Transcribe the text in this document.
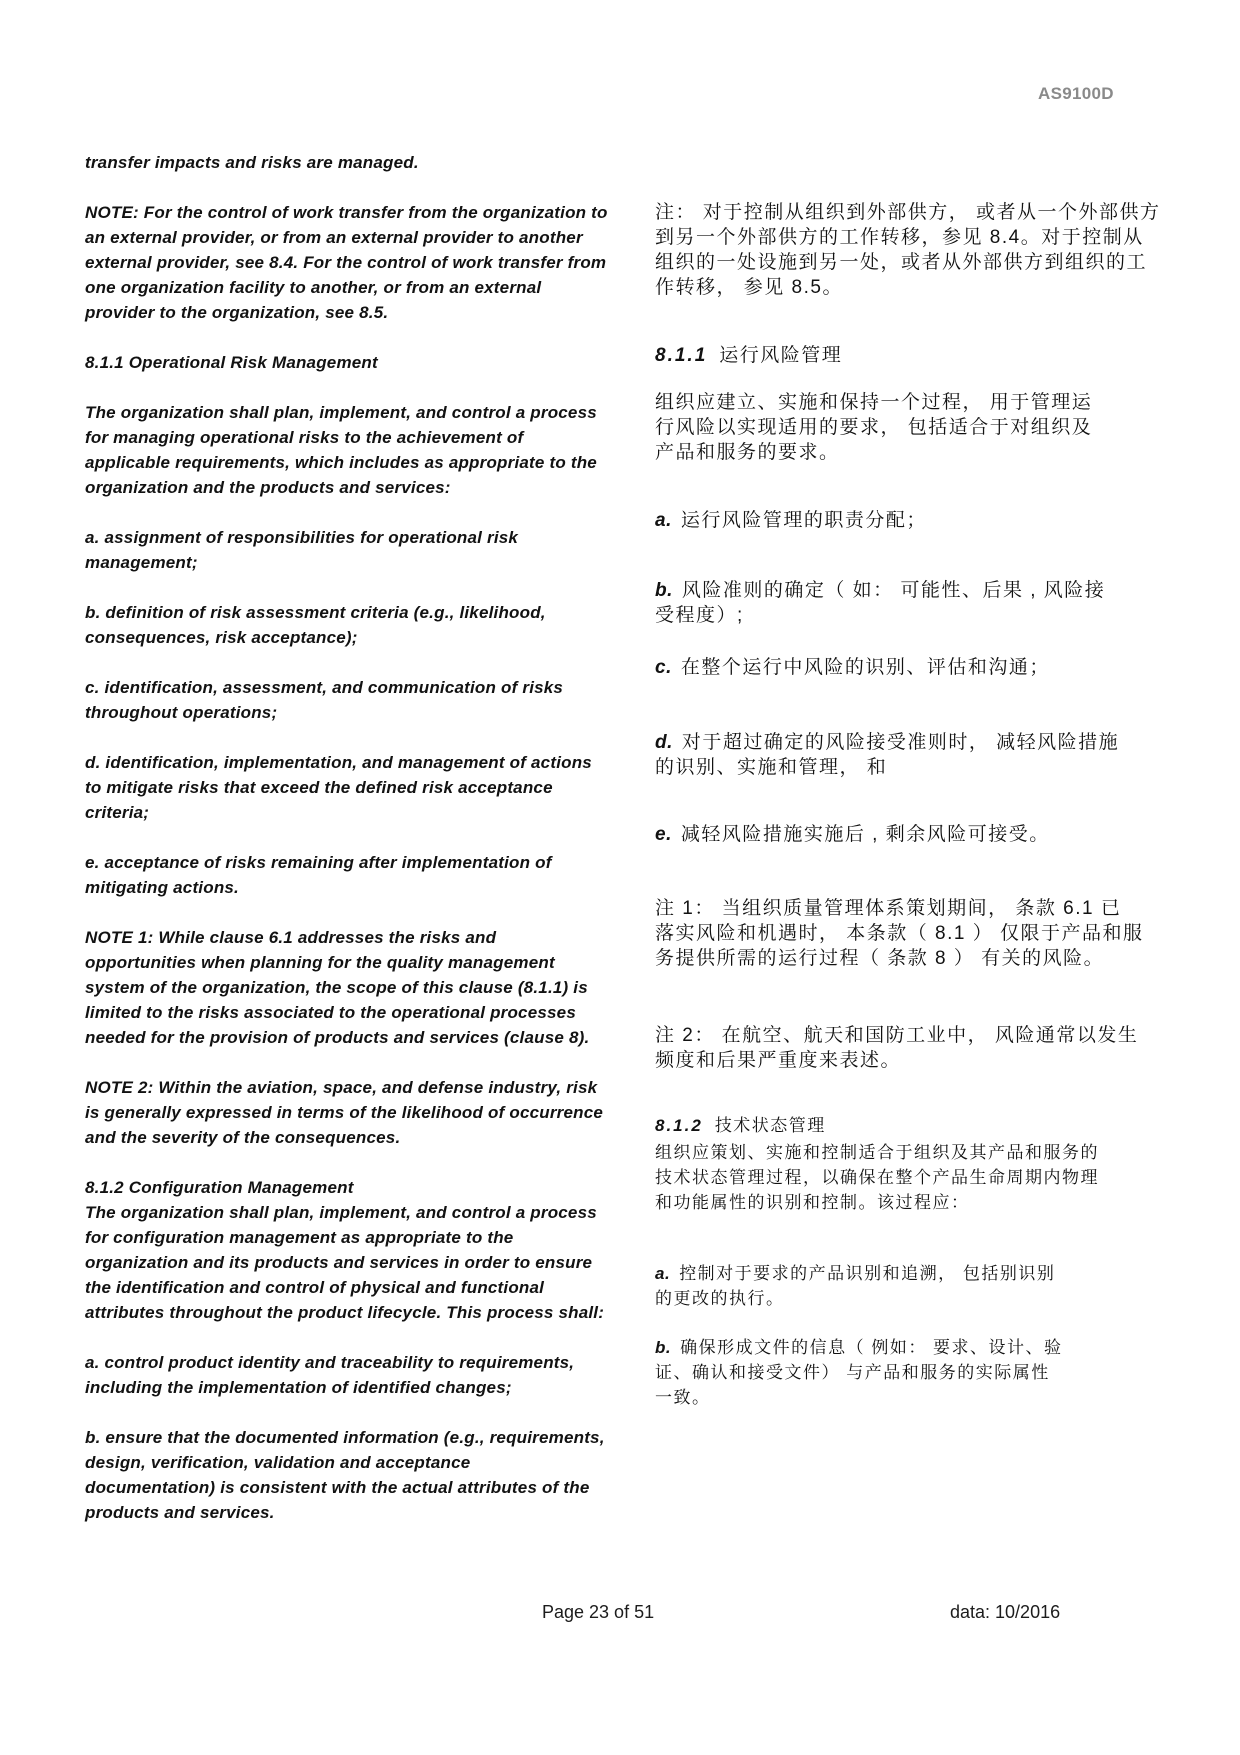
AS9100D
transfer impacts and risks are managed.
NOTE: For the control of work transfer from the organization to
an external provider, or from an external provider to another
external provider, see 8.4. For the control of work transfer from
one organization facility to another, or from an external
provider to the organization, see 8.5.
8.1.1 Operational Risk Management
The organization shall plan, implement, and control a process
for managing operational risks to the achievement of
applicable requirements, which includes as appropriate to the
organization and the products and services:
a. assignment of responsibilities for operational risk
management;
b. definition of risk assessment criteria (e.g., likelihood,
consequences, risk acceptance);
c. identification, assessment, and communication of risks
throughout operations;
d. identification, implementation, and management of actions
to mitigate risks that exceed the defined risk acceptance
criteria;
e. acceptance of risks remaining after implementation of
mitigating actions.
NOTE 1: While clause 6.1 addresses the risks and
opportunities when planning for the quality management
system of the organization, the scope of this clause (8.1.1) is
limited to the risks associated to the operational processes
needed for the provision of products and services (clause 8).
NOTE 2: Within the aviation, space, and defense industry, risk
is generally expressed in terms of the likelihood of occurrence
and the severity of the consequences.
8.1.2 Configuration Management
The organization shall plan, implement, and control a process
for configuration management as appropriate to the
organization and its products and services in order to ensure
the identification and control of physical and functional
attributes throughout the product lifecycle. This process shall:
a. control product identity and traceability to requirements,
including the implementation of identified changes;
b. ensure that the documented information (e.g., requirements,
design, verification, validation and acceptance
documentation) is consistent with the actual attributes of the
products and services.
注： 对于控制从组织到外部供方， 或者从一个外部供方
到另一个外部供方的工作转移，参见 8.4。对于控制从
组织的一处设施到另一处，或者从外部供方到组织的工
作转移， 参见 8.5。
8.1.1 运行风险管理
组织应建立、实施和保持一个过程， 用于管理运
行风险以实现适用的要求， 包括适合于对组织及
产品和服务的要求。
a. 运行风险管理的职责分配；
b. 风险准则的确定（ 如： 可能性、后果 , 风险接
受程度）;
c. 在整个运行中风险的识别、评估和沟通；
d. 对于超过确定的风险接受准则时， 减轻风险措施
的识别、实施和管理， 和
e. 减轻风险措施实施后 , 剩余风险可接受。
注 1： 当组织质量管理体系策划期间， 条款 6.1 已
落实风险和机遇时， 本条款（ 8.1 ） 仅限于产品和服
务提供所需的运行过程（ 条款 8 ） 有关的风险。
注 2： 在航空、航天和国防工业中， 风险通常以发生
频度和后果严重度来表述。
8.1.2 技术状态管理
组织应策划、实施和控制适合于组织及其产品和服务的
技术状态管理过程，以确保在整个产品生命周期内物理
和功能属性的识别和控制。该过程应：
a. 控制对于要求的产品识别和追溯， 包括别识别
的更改的执行。
b. 确保形成文件的信息（ 例如： 要求、设计、验
证、确认和接受文件） 与产品和服务的实际属性
一致。
Page 23 of 51	data: 10/2016
